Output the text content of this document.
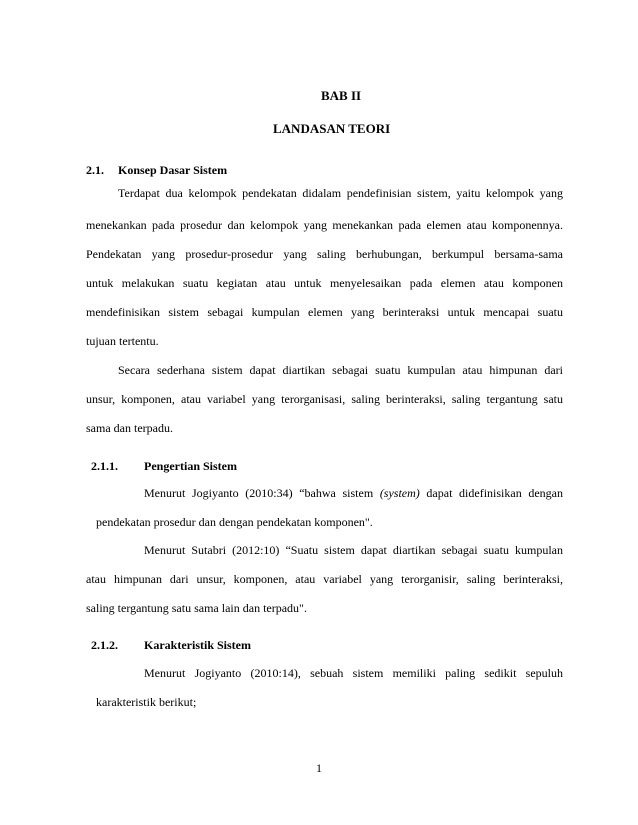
BAB II
LANDASAN TEORI
2.1. Konsep Dasar Sistem
Terdapat dua kelompok pendekatan didalam pendefinisian sistem, yaitu kelompok yang
menekankan pada prosedur dan kelompok yang menekankan pada elemen atau komponennya.
Pendekatan yang prosedur-prosedur yang saling berhubungan, berkumpul bersama-sama
untuk melakukan suatu kegiatan atau untuk menyelesaikan pada elemen atau komponen
mendefinisikan sistem sebagai kumpulan elemen yang berinteraksi untuk mencapai suatu
tujuan tertentu.
Secara sederhana sistem dapat diartikan sebagai suatu kumpulan atau himpunan dari
unsur, komponen, atau variabel yang terorganisasi, saling berinteraksi, saling tergantung satu
sama dan terpadu.
2.1.1. Pengertian Sistem
Menurut Jogiyanto (2010:34) “bahwa sistem (system) dapat didefinisikan dengan
pendekatan prosedur dan dengan pendekatan komponen".
Menurut Sutabri (2012:10) “Suatu sistem dapat diartikan sebagai suatu kumpulan
atau himpunan dari unsur, komponen, atau variabel yang terorganisir, saling berinteraksi,
saling tergantung satu sama lain dan terpadu".
2.1.2. Karakteristik Sistem
Menurut Jogiyanto (2010:14), sebuah sistem memiliki paling sedikit sepuluh
karakteristik berikut;
1
